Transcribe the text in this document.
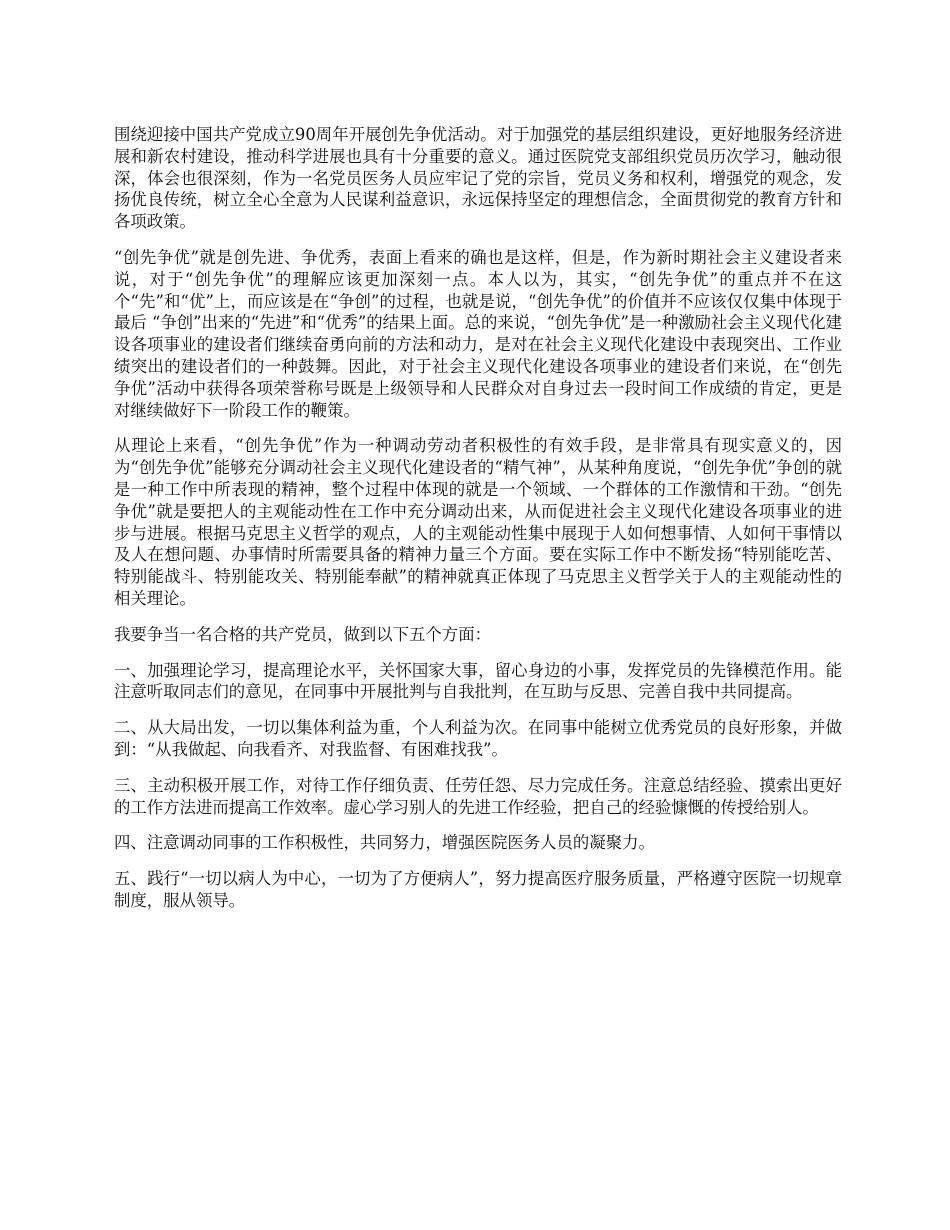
围绕迎接中国共产党成立90周年开展创先争优活动。对于加强党的基层组织建设，更好地服务经济进展和新农村建设，推动科学进展也具有十分重要的意义。通过医院党支部组织党员历次学习，触动很深，体会也很深刻，作为一名党员医务人员应牢记了党的宗旨，党员义务和权利，增强党的观念，发扬优良传统，树立全心全意为人民谋利益意识，永远保持坚定的理想信念，全面贯彻党的教育方针和各项政策。

“创先争优”就是创先进、争优秀，表面上看来的确也是这样，但是，作为新时期社会主义建设者来说，对于“创先争优”的理解应该更加深刻一点。本人以为，其实，“创先争优”的重点并不在这个“先”和“优”上，而应该是在“争创”的过程，也就是说，“创先争优”的价值并不应该仅仅集中体现于最后 “争创”出来的“先进”和“优秀”的结果上面。总的来说，“创先争优”是一种激励社会主义现代化建设各项事业的建设者们继续奋勇向前的方法和动力，是对在社会主义现代化建设中表现突出、工作业绩突出的建设者们的一种鼓舞。因此，对于社会主义现代化建设各项事业的建设者们来说，在“创先争优”活动中获得各项荣誉称号既是上级领导和人民群众对自身过去一段时间工作成绩的肯定，更是对继续做好下一阶段工作的鞭策。

从理论上来看，“创先争优”作为一种调动劳动者积极性的有效手段，是非常具有现实意义的，因为“创先争优”能够充分调动社会主义现代化建设者的“精气神”，从某种角度说，“创先争优”争创的就是一种工作中所表现的精神，整个过程中体现的就是一个领域、一个群体的工作激情和干劲。“创先争优”就是要把人的主观能动性在工作中充分调动出来，从而促进社会主义现代化建设各项事业的进步与进展。根据马克思主义哲学的观点，人的主观能动性集中展现于人如何想事情、人如何干事情以及人在想问题、办事情时所需要具备的精神力量三个方面。要在实际工作中不断发扬“特别能吃苦、特别能战斗、特别能攻关、特别能奉献”的精神就真正体现了马克思主义哲学关于人的主观能动性的相关理论。

我要争当一名合格的共产党员，做到以下五个方面：

一、加强理论学习，提高理论水平，关怀国家大事，留心身边的小事，发挥党员的先锋模范作用。能注意听取同志们的意见，在同事中开展批判与自我批判，在互助与反思、完善自我中共同提高。

二、从大局出发，一切以集体利益为重，个人利益为次。在同事中能树立优秀党员的良好形象，并做到：“从我做起、向我看齐、对我监督、有困难找我”。

三、主动积极开展工作，对待工作仔细负责、任劳任怨、尽力完成任务。注意总结经验、摸索出更好的工作方法进而提高工作效率。虚心学习别人的先进工作经验，把自己的经验慷慨的传授给别人。

四、注意调动同事的工作积极性，共同努力，增强医院医务人员的凝聚力。

五、践行“一切以病人为中心，一切为了方便病人”，努力提高医疗服务质量，严格遵守医院一切规章制度，服从领导。
